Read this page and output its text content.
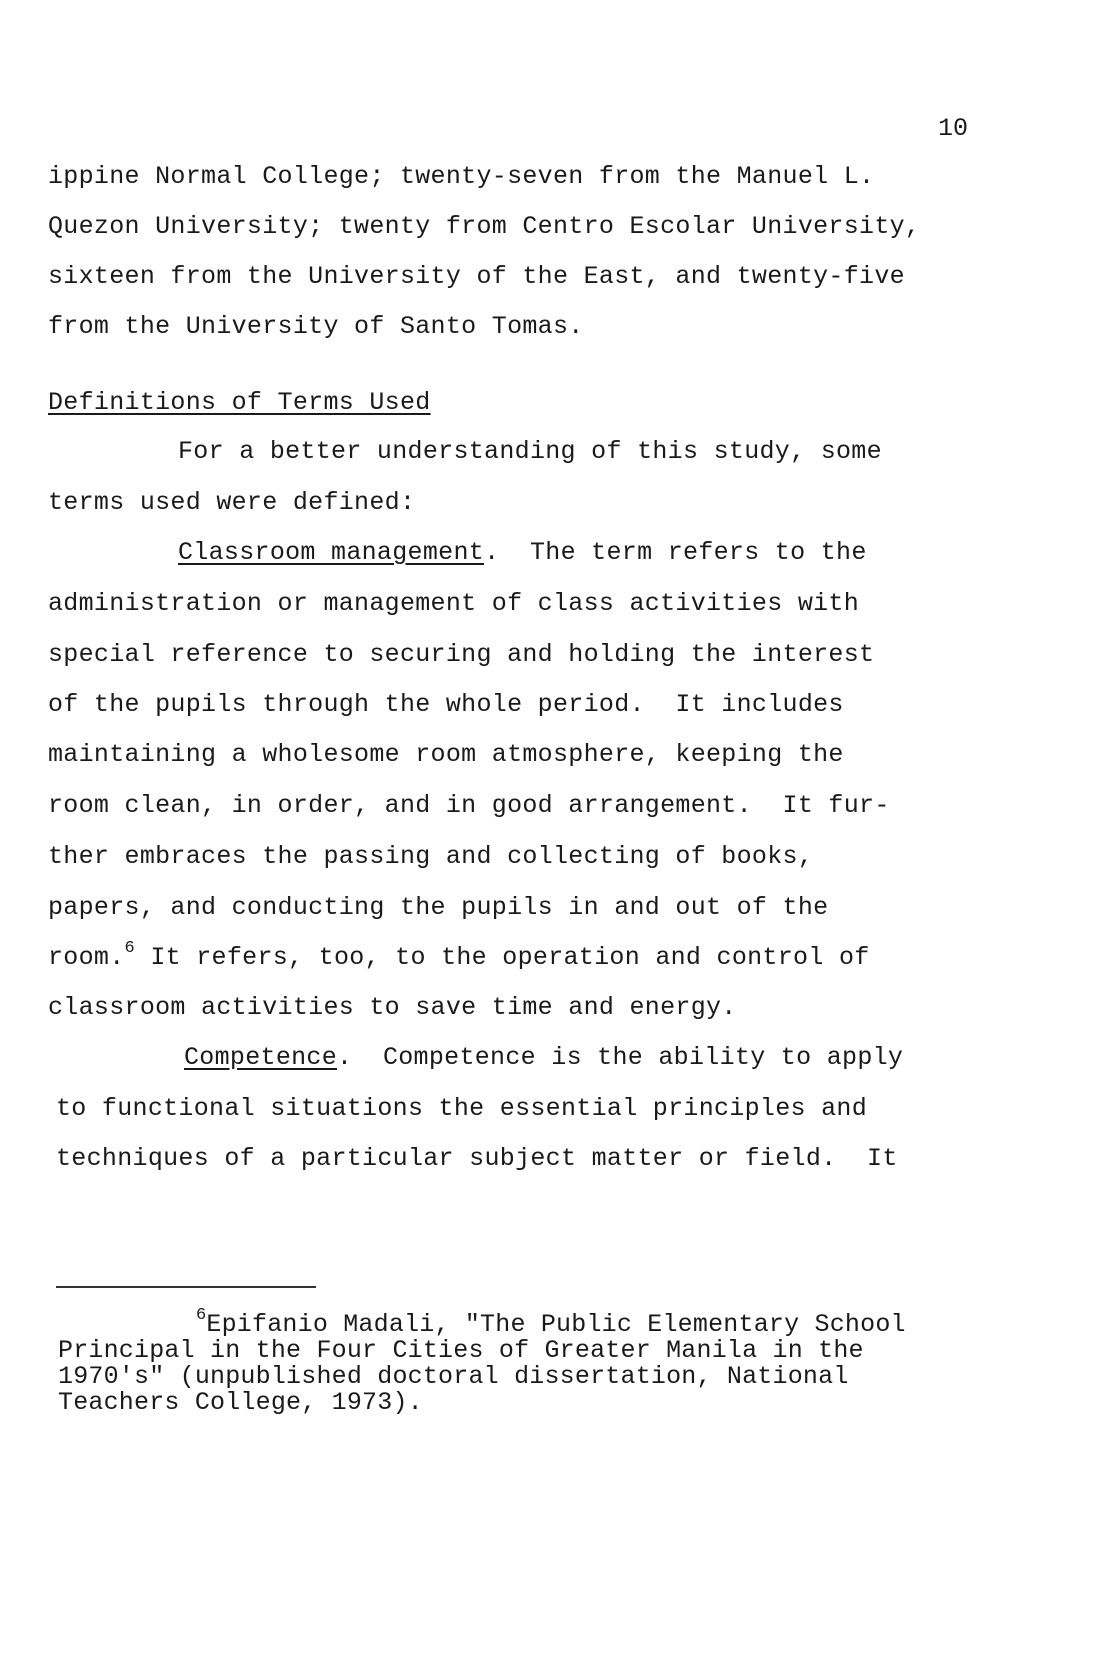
10
ippine Normal College; twenty-seven from the Manuel L.
Quezon University; twenty from Centro Escolar University,
sixteen from the University of the East, and twenty-five
from the University of Santo Tomas.
Definitions of Terms Used
For a better understanding of this study, some
terms used were defined:
Classroom management.  The term refers to the
administration or management of class activities with
special reference to securing and holding the interest
of the pupils through the whole period.  It includes
maintaining a wholesome room atmosphere, keeping the
room clean, in order, and in good arrangement.  It fur-
ther embraces the passing and collecting of books,
papers, and conducting the pupils in and out of the
room.$^6$ It refers, too, to the operation and control of
classroom activities to save time and energy.
Competence.  Competence is the ability to apply
to functional situations the essential principles and
techniques of a particular subject matter or field.  It
$^6$Epifanio Madali, "The Public Elementary School
Principal in the Four Cities of Greater Manila in the
1970's" (unpublished doctoral dissertation, National
Teachers College, 1973).
